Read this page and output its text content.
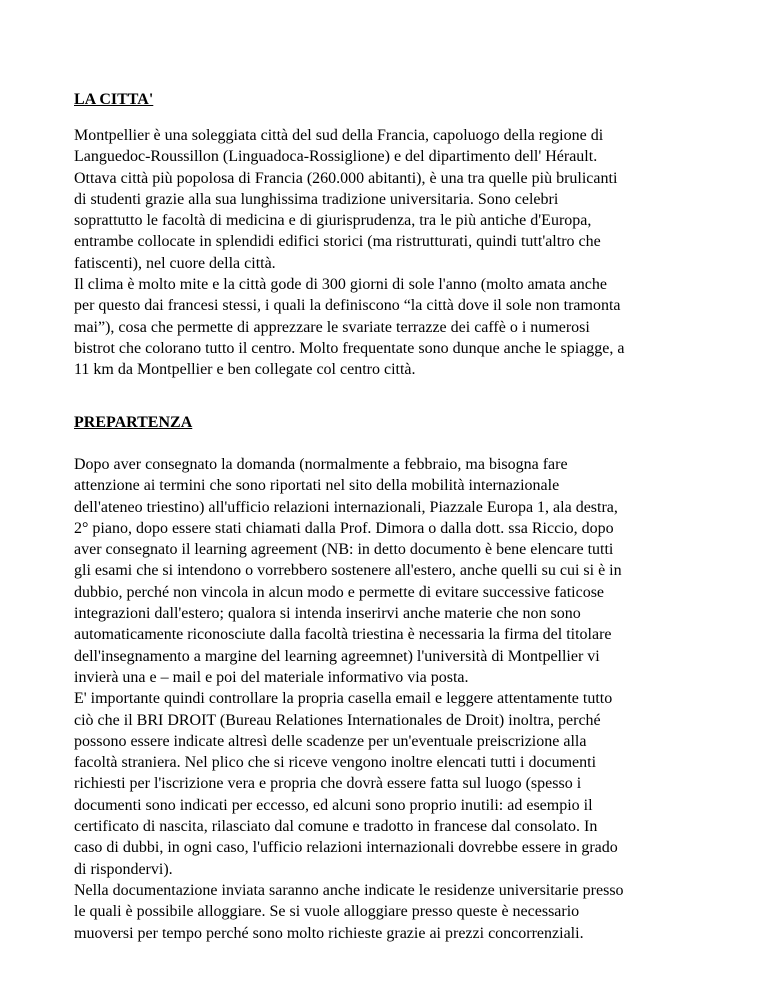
LA CITTA'
Montpellier è una soleggiata città del sud della Francia, capoluogo della regione di
Languedoc-Roussillon (Linguadoca-Rossiglione) e del dipartimento dell' Hérault.
Ottava città più popolosa di Francia (260.000 abitanti), è una tra quelle più brulicanti
di studenti grazie alla sua lunghissima tradizione universitaria. Sono celebri
soprattutto le facoltà di medicina e di giurisprudenza, tra le più antiche d'Europa,
entrambe collocate in splendidi edifici storici (ma ristrutturati, quindi tutt'altro che
fatiscenti), nel cuore della città.
Il clima è molto mite e la città gode di 300 giorni di sole l'anno (molto amata anche
per questo dai francesi stessi, i quali la definiscono “la città dove il sole non tramonta
mai”), cosa che permette di apprezzare le svariate terrazze dei caffè o i numerosi
bistrot che colorano tutto il centro. Molto frequentate sono dunque anche le spiagge, a
11 km da Montpellier e ben collegate col centro città.
PREPARTENZA
Dopo aver consegnato la domanda (normalmente a febbraio, ma bisogna fare
attenzione ai termini che sono riportati nel sito della mobilità internazionale
dell'ateneo triestino) all'ufficio relazioni internazionali, Piazzale Europa 1, ala destra,
2° piano, dopo essere stati chiamati dalla Prof. Dimora o dalla dott. ssa Riccio, dopo
aver consegnato il learning agreement (NB: in detto documento è bene elencare tutti
gli esami che si intendono o vorrebbero sostenere all'estero, anche quelli su cui si è in
dubbio, perché non vincola in alcun modo e permette di evitare successive faticose
integrazioni dall'estero; qualora si intenda inserirvi anche materie che non sono
automaticamente riconosciute dalla facoltà triestina è necessaria la firma del titolare
dell'insegnamento a margine del learning agreemnet) l'università di Montpellier vi
invierà una e – mail e poi del materiale informativo via posta.
E' importante quindi controllare la propria casella email e leggere attentamente tutto
ciò che il BRI DROIT (Bureau Relationes Internationales de Droit) inoltra, perché
possono essere indicate altresì delle scadenze per un'eventuale preiscrizione alla
facoltà straniera. Nel plico che si riceve vengono inoltre elencati tutti i documenti
richiesti per l'iscrizione vera e propria che dovrà essere fatta sul luogo (spesso i
documenti sono indicati per eccesso, ed alcuni sono proprio inutili: ad esempio il
certificato di nascita, rilasciato dal comune e tradotto in francese dal consolato. In
caso di dubbi, in ogni caso, l'ufficio relazioni internazionali dovrebbe essere in grado
di rispondervi).
Nella documentazione inviata saranno anche indicate le residenze universitarie presso
le quali è possibile alloggiare. Se si vuole alloggiare presso queste è necessario
muoversi per tempo perché sono molto richieste grazie ai prezzi concorrenziali.
